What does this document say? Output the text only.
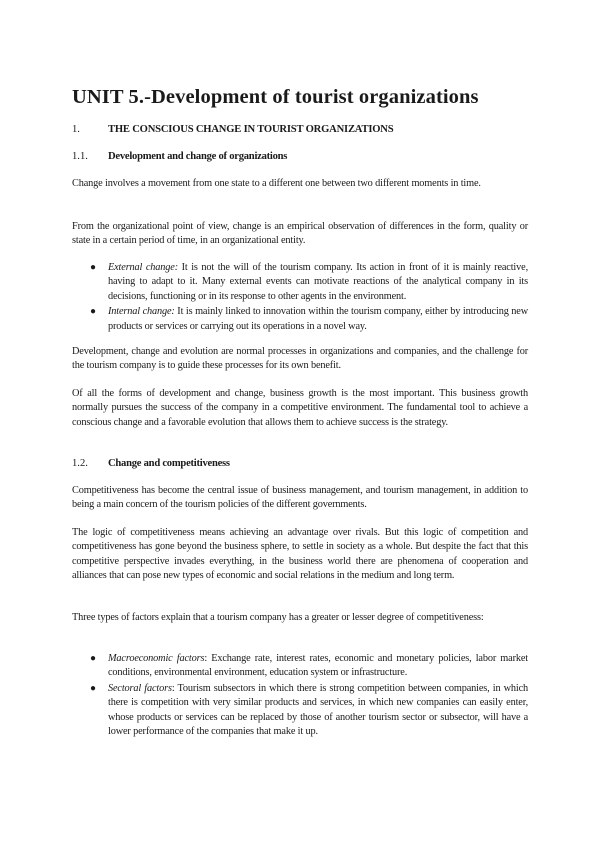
UNIT 5.-Development of tourist organizations
1.	THE CONSCIOUS CHANGE IN TOURIST ORGANIZATIONS
1.1. Development and change of organizations

Change involves a movement from one state to a different one between two different moments in time.

From the organizational point of view, change is an empirical observation of differences in the form, quality or state in a certain period of time, in an organizational entity.

● External change: It is not the will of the tourism company. Its action in front of it is mainly reactive, having to adapt to it. Many external events can motivate reactions of the analytical company in its decisions, functioning or in its response to other agents in the environment.
● Internal change: It is mainly linked to innovation within the tourism company, either by introducing new products or services or carrying out its operations in a novel way.

Development, change and evolution are normal processes in organizations and companies, and the challenge for the tourism company is to guide these processes for its own benefit.

Of all the forms of development and change, business growth is the most important. This business growth normally pursues the success of the company in a competitive environment. The fundamental tool to achieve a conscious change and a favorable evolution that allows them to achieve success is the strategy.

1.2. Change and competitiveness

Competitiveness has become the central issue of business management, and tourism management, in addition to being a main concern of the tourism policies of the different governments.

The logic of competitiveness means achieving an advantage over rivals. But this logic of competition and competitiveness has gone beyond the business sphere, to settle in society as a whole. But despite the fact that this competitive perspective invades everything, in the business world there are phenomena of cooperation and alliances that can pose new types of economic and social relations in the medium and long term.

Three types of factors explain that a tourism company has a greater or lesser degree of competitiveness:

● Macroeconomic factors: Exchange rate, interest rates, economic and monetary policies, labor market conditions, environmental environment, education system or infrastructure.
● Sectoral factors: Tourism subsectors in which there is strong competition between companies, in which there is competition with very similar products and services, in which new companies can easily enter, whose products or services can be replaced by those of another tourism sector or subsector, will have a lower performance of the companies that make it up.
